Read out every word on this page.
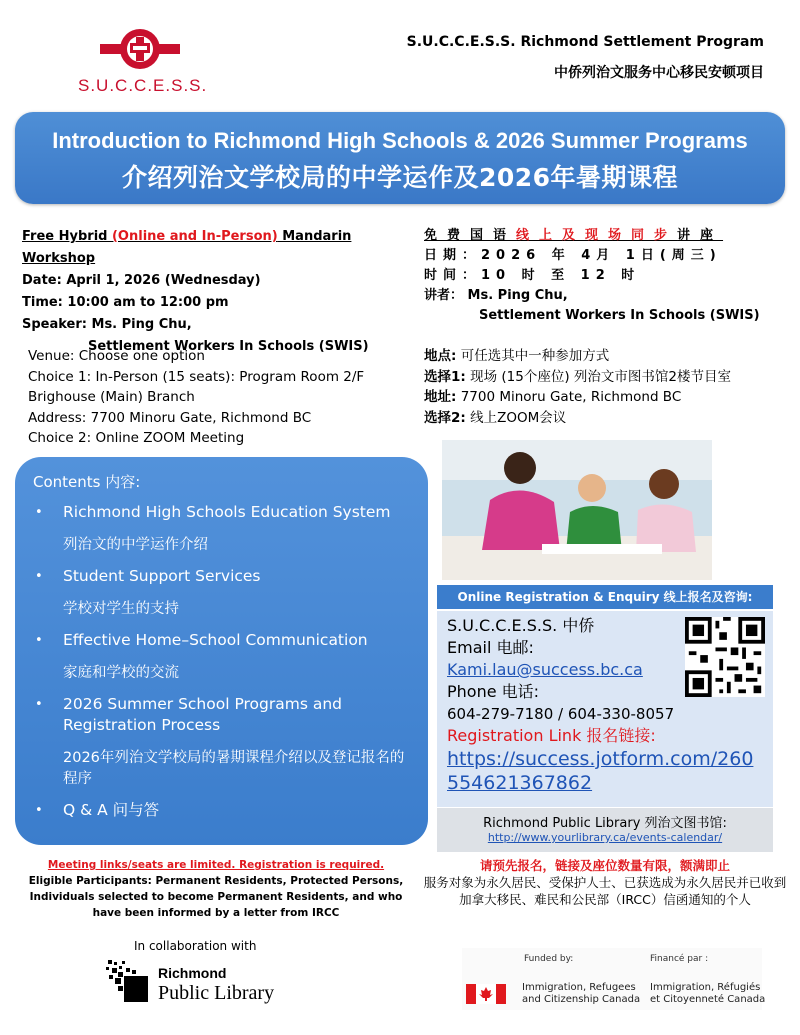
S.U.C.C.E.S.S.
S.U.C.C.E.S.S. Richmond Settlement Program
中侨列治文服务中心移民安顿项目
Introduction to Richmond High Schools & 2026 Summer Programs
介绍列治文学校局的中学运作及2026年暑期课程
Free Hybrid (Online and In-Person) Mandarin Workshop
Date: April 1, 2026 (Wednesday)
Time: 10:00 am to 12:00 pm
Speaker: Ms. Ping Chu,
Settlement Workers In Schools (SWIS)
免费国语线上及现场同步讲座
日期：2026 年 4月 1日(周三)
时间：10 时 至 12 时
讲者： Ms. Ping Chu,
Settlement Workers In Schools (SWIS)
Venue: Choose one option
Choice 1: In-Person (15 seats): Program Room 2/F
Brighouse (Main) Branch
Address: 7700 Minoru Gate, Richmond BC
Choice 2: Online ZOOM Meeting
地点: 可任选其中一种参加方式
选择1: 现场 (15个座位) 列治文市图书馆2楼节目室
地址: 7700 Minoru Gate, Richmond BC
选择2: 线上ZOOM会议
Contents 内容:
• Richmond High Schools Education System
列治文的中学运作介绍
• Student Support Services
学校对学生的支持
• Effective Home–School Communication
家庭和学校的交流
• 2026 Summer School Programs and Registration Process
2026年列治文学校局的暑期课程介绍以及登记报名的程序
• Q & A 问与答
Online Registration & Enquiry 线上报名及咨询:
S.U.C.C.E.S.S. 中侨
Email 电邮:
Kami.lau@success.bc.ca
Phone 电话:
604-279-7180 / 604-330-8057
Registration Link 报名链接:
https://success.jotform.com/260554621367862
Richmond Public Library 列治文图书馆:
http://www.yourlibrary.ca/events-calendar/
Meeting links/seats are limited. Registration is required.
Eligible Participants: Permanent Residents, Protected Persons, Individuals selected to become Permanent Residents, and who have been informed by a letter from IRCC
请预先报名，链接及座位数量有限，额满即止
服务对象为永久居民、受保护人士、已获选成为永久居民并已收到加拿大移民、难民和公民部（IRCC）信函通知的个人
In collaboration with
Richmond
Public Library
Funded by:	Financé par :
Immigration, Refugees
and Citizenship Canada
Immigration, Réfugiés
et Citoyenneté Canada
